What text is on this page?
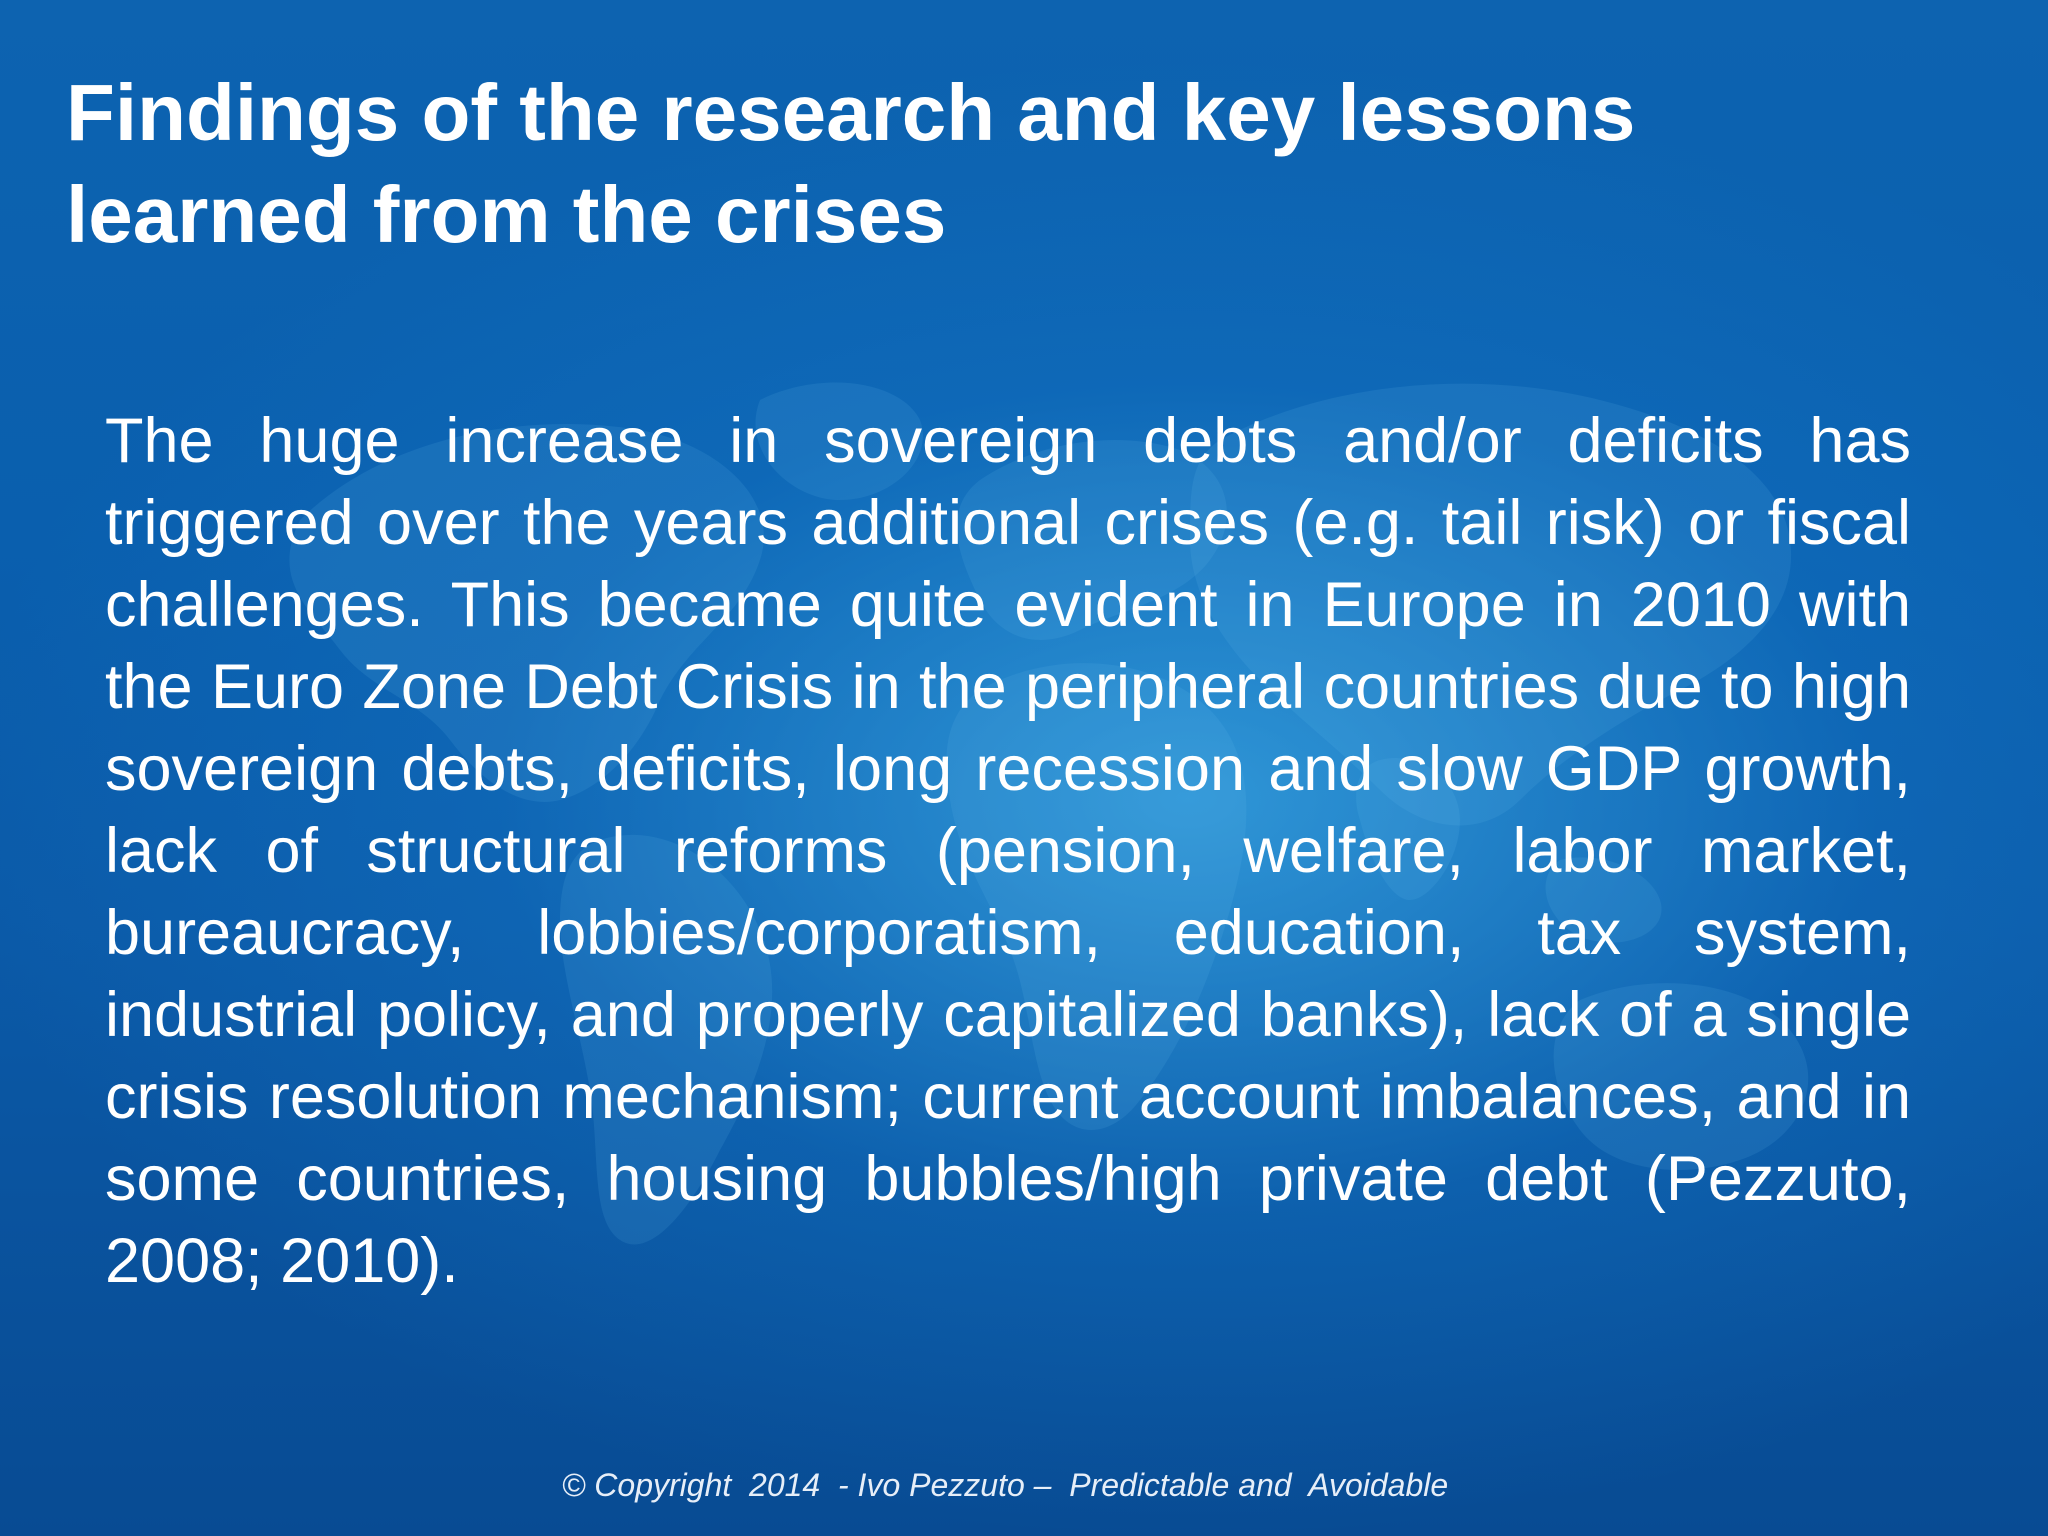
Findings of the research and key lessons
learned from the crises

The huge increase in sovereign debts and/or deficits has triggered over the years additional crises (e.g. tail risk) or fiscal challenges. This became quite evident in Europe in 2010 with the Euro Zone Debt Crisis in the peripheral countries due to high sovereign debts, deficits, long recession and slow GDP growth, lack of structural reforms (pension, welfare, labor market, bureaucracy, lobbies/corporatism, education, tax system, industrial policy, and properly capitalized banks), lack of a single crisis resolution mechanism; current account imbalances, and in some countries, housing bubbles/high private debt (Pezzuto, 2008; 2010).

© Copyright  2014  - Ivo Pezzuto –  Predictable and  Avoidable
